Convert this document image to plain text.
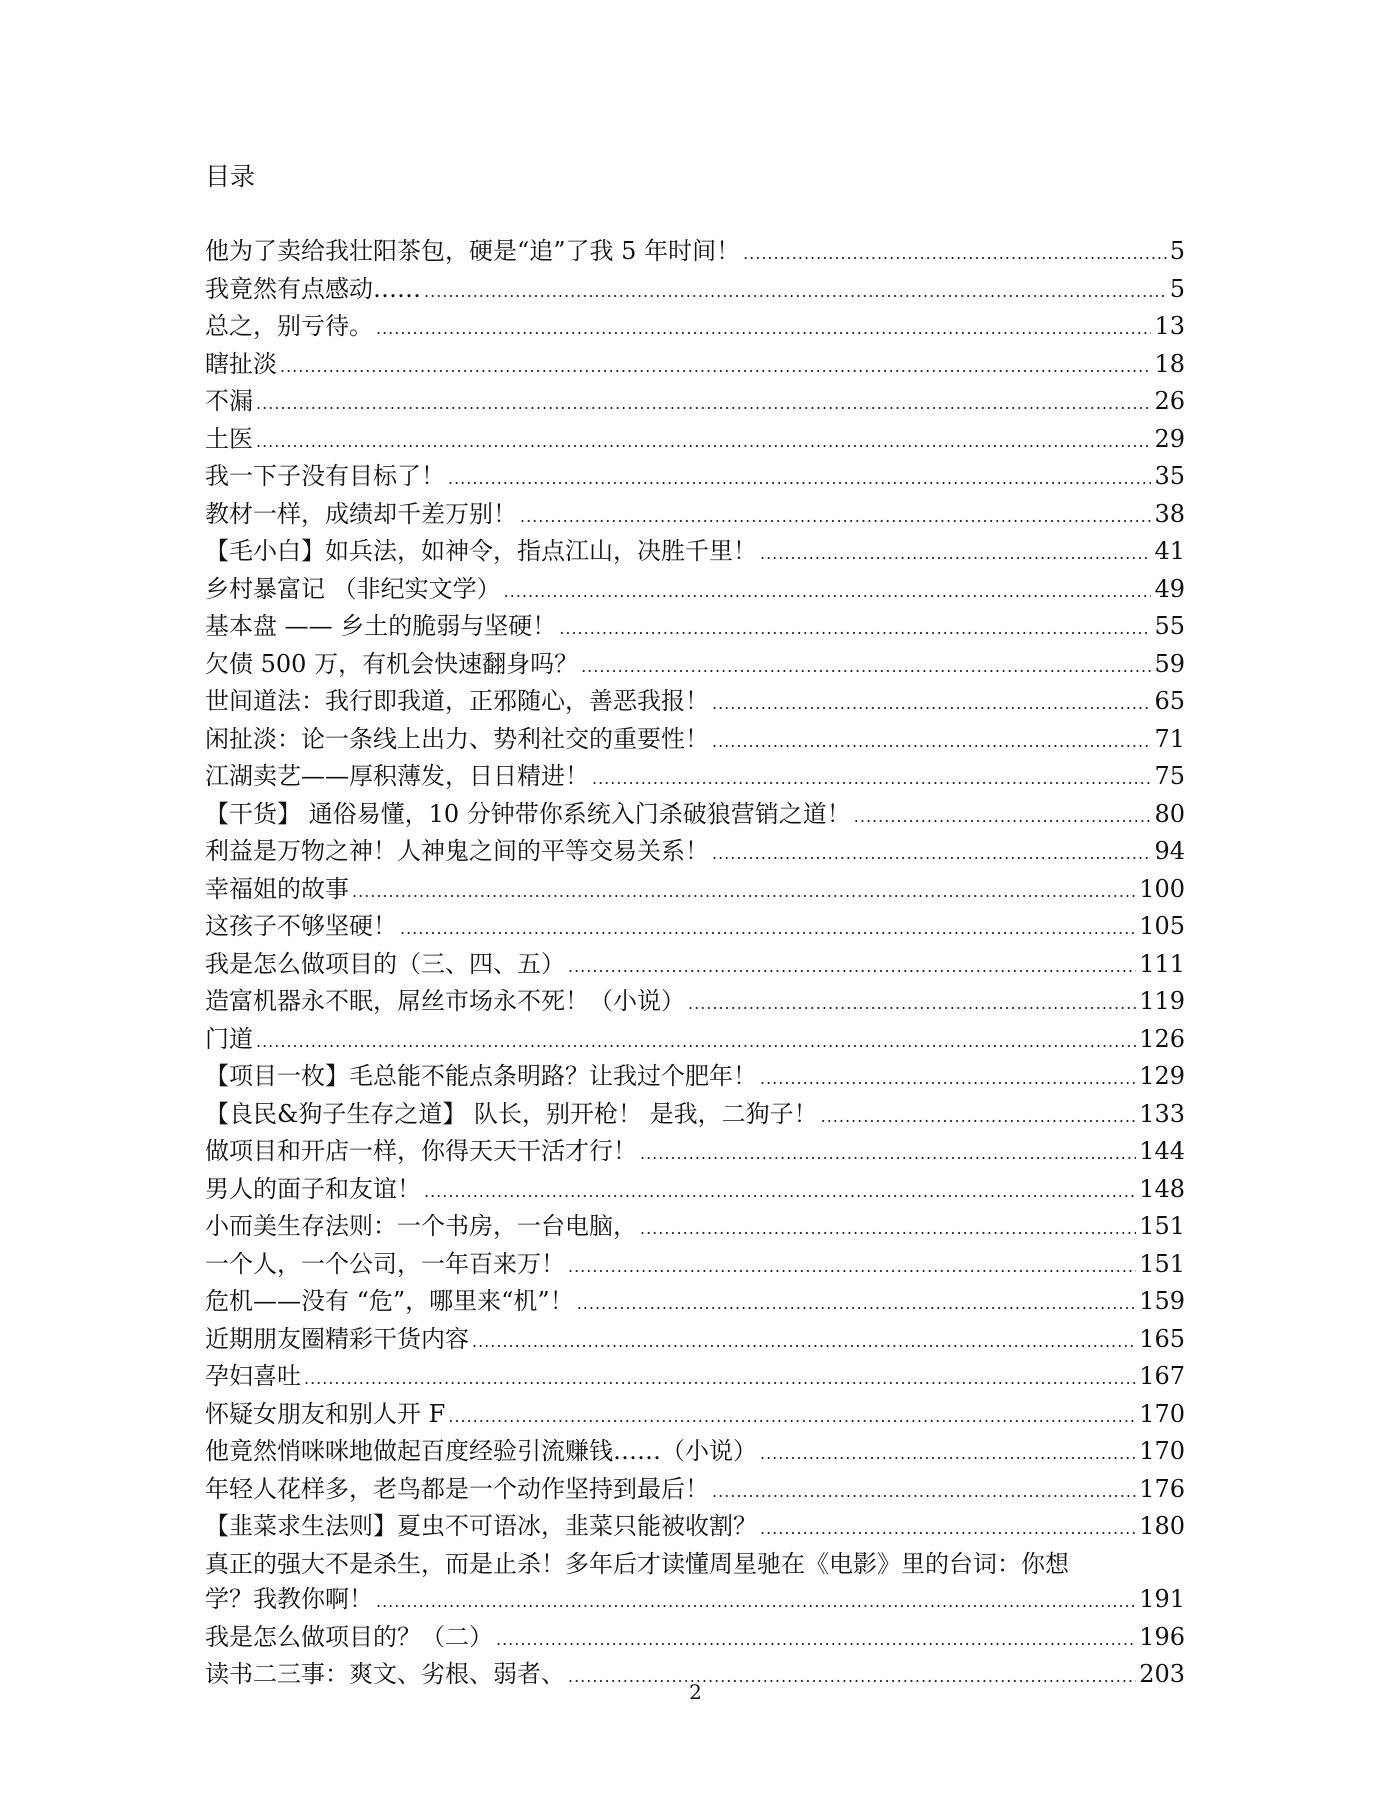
目录
他为了卖给我壮阳茶包，硬是“追”了我 5 年时间！ .....	5
我竟然有点感动…… .....	5
总之，别亏待。 .....	13
瞎扯淡 .....	18
不漏 .....	26
土医 .....	29
我一下子没有目标了！ .....	35
教材一样，成绩却千差万别！ .....	38
【毛小白】如兵法，如神令，指点江山，决胜千里！ .....	41
乡村暴富记 （非纪实文学） .....	49
基本盘 —— 乡土的脆弱与坚硬！ .....	55
欠债 500 万，有机会快速翻身吗？ .....	59
世间道法：我行即我道，正邪随心，善恶我报！ .....	65
闲扯淡：论一条线上出力、势利社交的重要性！ .....	71
江湖卖艺——厚积薄发，日日精进！ .....	75
【干货】 通俗易懂，10 分钟带你系统入门杀破狼营销之道！ .....	80
利益是万物之神！人神鬼之间的平等交易关系！ .....	94
幸福姐的故事 .....	100
这孩子不够坚硬！ .....	105
我是怎么做项目的（三、四、五） .....	111
造富机器永不眠，屌丝市场永不死！（小说） .....	119
门道 .....	126
【项目一枚】毛总能不能点条明路？让我过个肥年！ .....	129
【良民&狗子生存之道】 队长，别开枪！ 是我，二狗子！ .....	133
做项目和开店一样，你得天天干活才行！ .....	144
男人的面子和友谊！ .....	148
小而美生存法则：一个书房，一台电脑， .....	151
一个人，一个公司，一年百来万！ .....	151
危机——没有 “危”，哪里来“机”！ .....	159
近期朋友圈精彩干货内容 .....	165
孕妇喜吐 .....	167
怀疑女朋友和别人开 F .....	170
他竟然悄咪咪地做起百度经验引流赚钱……（小说） .....	170
年轻人花样多，老鸟都是一个动作坚持到最后！ .....	176
【韭菜求生法则】夏虫不可语冰，韭菜只能被收割？ .....	180
真正的强大不是杀生，而是止杀！多年后才读懂周星驰在《电影》里的台词：你想
学？我教你啊！ .....	191
我是怎么做项目的？（二） .....	196
读书二三事：爽文、劣根、弱者、 .....	203
2
